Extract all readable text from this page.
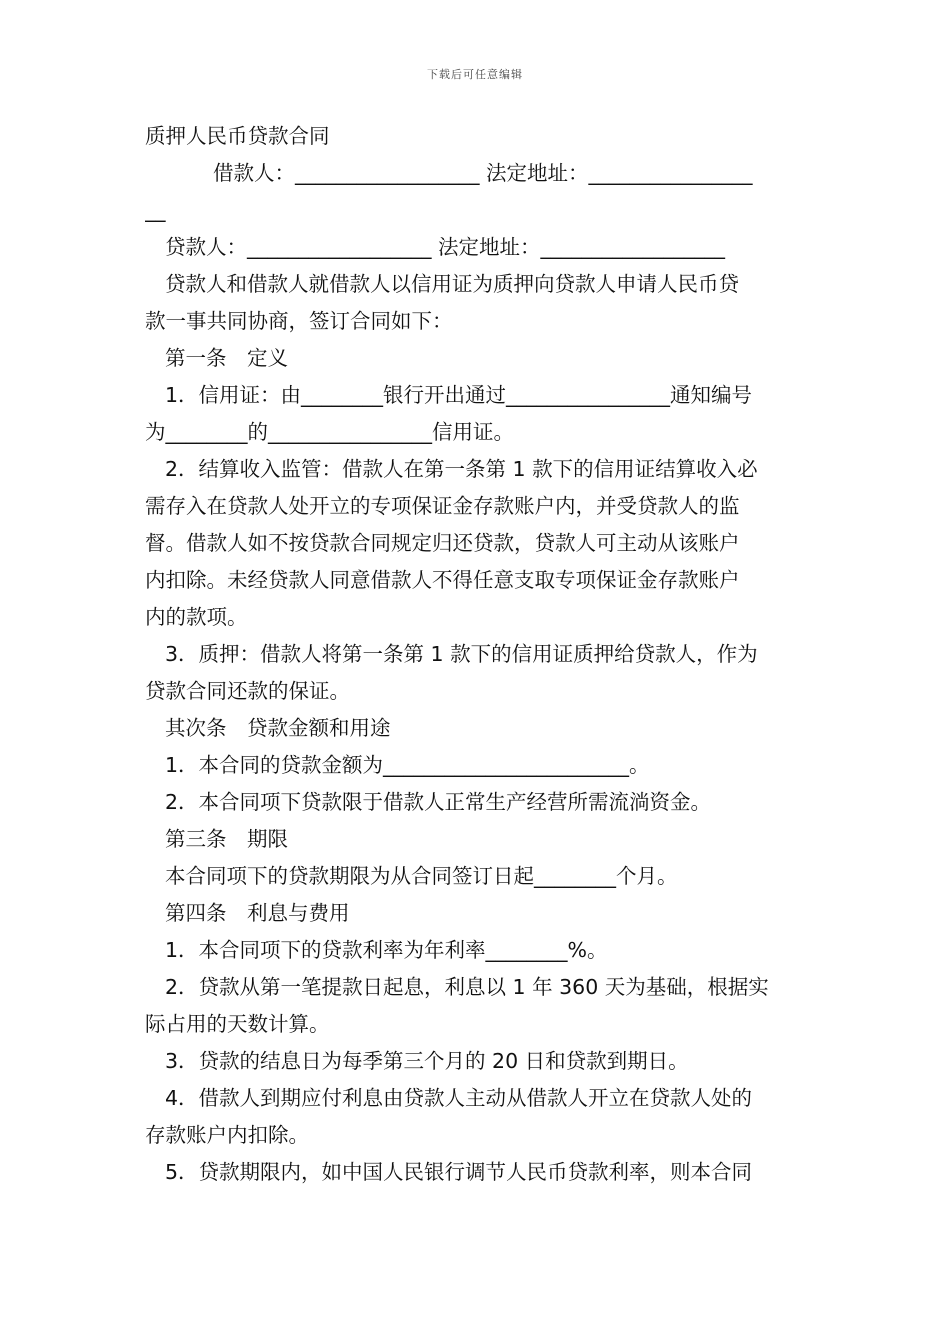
下载后可任意编辑
质押人民币贷款合同
借款人：__________________ 法定地址：________________
__
贷款人：__________________ 法定地址：__________________
贷款人和借款人就借款人以信用证为质押向贷款人申请人民币贷
款一事共同协商，签订合同如下：
第一条　定义
1．信用证：由________银行开出通过________________通知编号
为________的________________信用证。
2．结算收入监管：借款人在第一条第 1 款下的信用证结算收入必
需存入在贷款人处开立的专项保证金存款账户内，并受贷款人的监
督。借款人如不按贷款合同规定归还贷款，贷款人可主动从该账户
内扣除。未经贷款人同意借款人不得任意支取专项保证金存款账户
内的款项。
3．质押：借款人将第一条第 1 款下的信用证质押给贷款人，作为
贷款合同还款的保证。
其次条　贷款金额和用途
1．本合同的贷款金额为________________________。
2．本合同项下贷款限于借款人正常生产经营所需流淌资金。
第三条　期限
本合同项下的贷款期限为从合同签订日起________个月。
第四条　利息与费用
1．本合同项下的贷款利率为年利率________%。
2．贷款从第一笔提款日起息，利息以 1 年 360 天为基础，根据实
际占用的天数计算。
3．贷款的结息日为每季第三个月的 20 日和贷款到期日。
4．借款人到期应付利息由贷款人主动从借款人开立在贷款人处的
存款账户内扣除。
5．贷款期限内，如中国人民银行调节人民币贷款利率，则本合同
